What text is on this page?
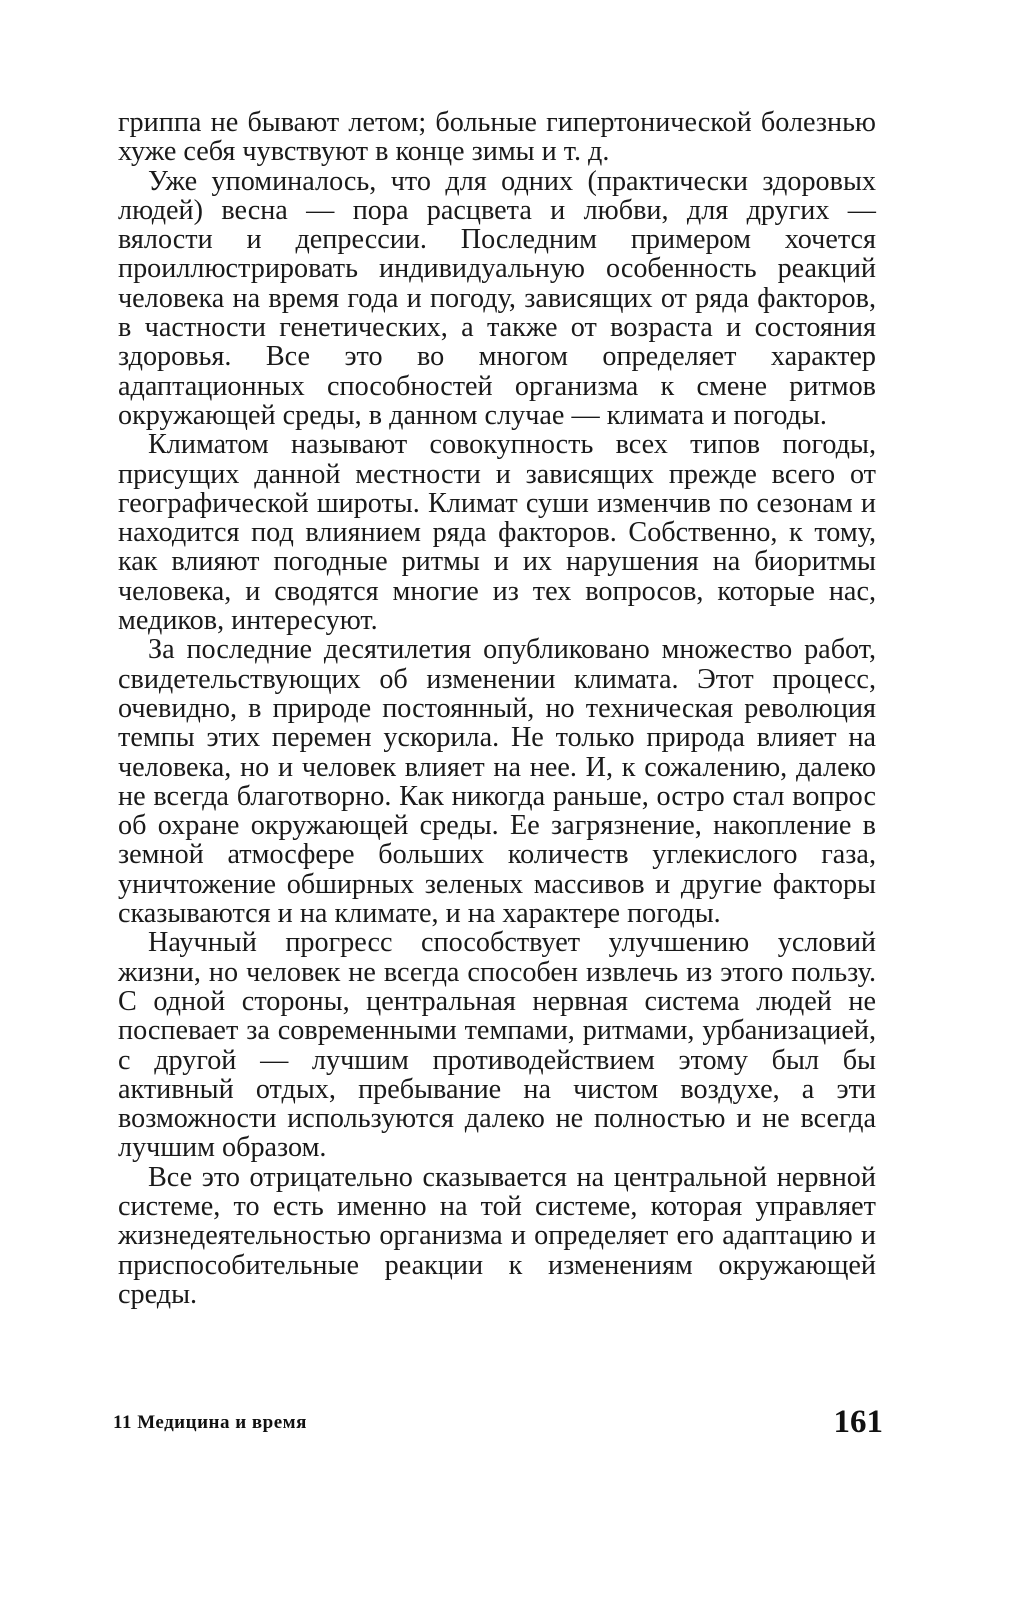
гриппа не бывают летом; больные гипертонической болезнью хуже себя чувствуют в конце зимы и т. д.

Уже упоминалось, что для одних (практически здоровых людей) весна — пора расцвета и любви, для других — вялости и депрессии. Последним примером хочется проиллюстрировать индивидуальную особенность реакций человека на время года и погоду, зависящих от ряда факторов, в частности генетических, а также от возраста и состояния здоровья. Все это во многом определяет характер адаптационных способностей организма к смене ритмов окружающей среды, в данном случае — климата и погоды.

Климатом называют совокупность всех типов погоды, присущих данной местности и зависящих прежде всего от географической широты. Климат суши изменчив по сезонам и находится под влиянием ряда факторов. Собственно, к тому, как влияют погодные ритмы и их нарушения на биоритмы человека, и сводятся многие из тех вопросов, которые нас, медиков, интересуют.

За последние десятилетия опубликовано множество работ, свидетельствующих об изменении климата. Этот процесс, очевидно, в природе постоянный, но техническая революция темпы этих перемен ускорила. Не только природа влияет на человека, но и человек влияет на нее. И, к сожалению, далеко не всегда благотворно. Как никогда раньше, остро стал вопрос об охране окружающей среды. Ее загрязнение, накопление в земной атмосфере больших количеств углекислого газа, уничтожение обширных зеленых массивов и другие факторы сказываются и на климате, и на характере погоды.

Научный прогресс способствует улучшению условий жизни, но человек не всегда способен извлечь из этого пользу. С одной стороны, центральная нервная система людей не поспевает за современными темпами, ритмами, урбанизацией, с другой — лучшим противодействием этому был бы активный отдых, пребывание на чистом воздухе, а эти возможности используются далеко не полностью и не всегда лучшим образом.

Все это отрицательно сказывается на центральной нервной системе, то есть именно на той системе, которая управляет жизнедеятельностью организма и определяет его адаптацию и приспособительные реакции к изменениям окружающей среды.

11 Медицина и время	161
